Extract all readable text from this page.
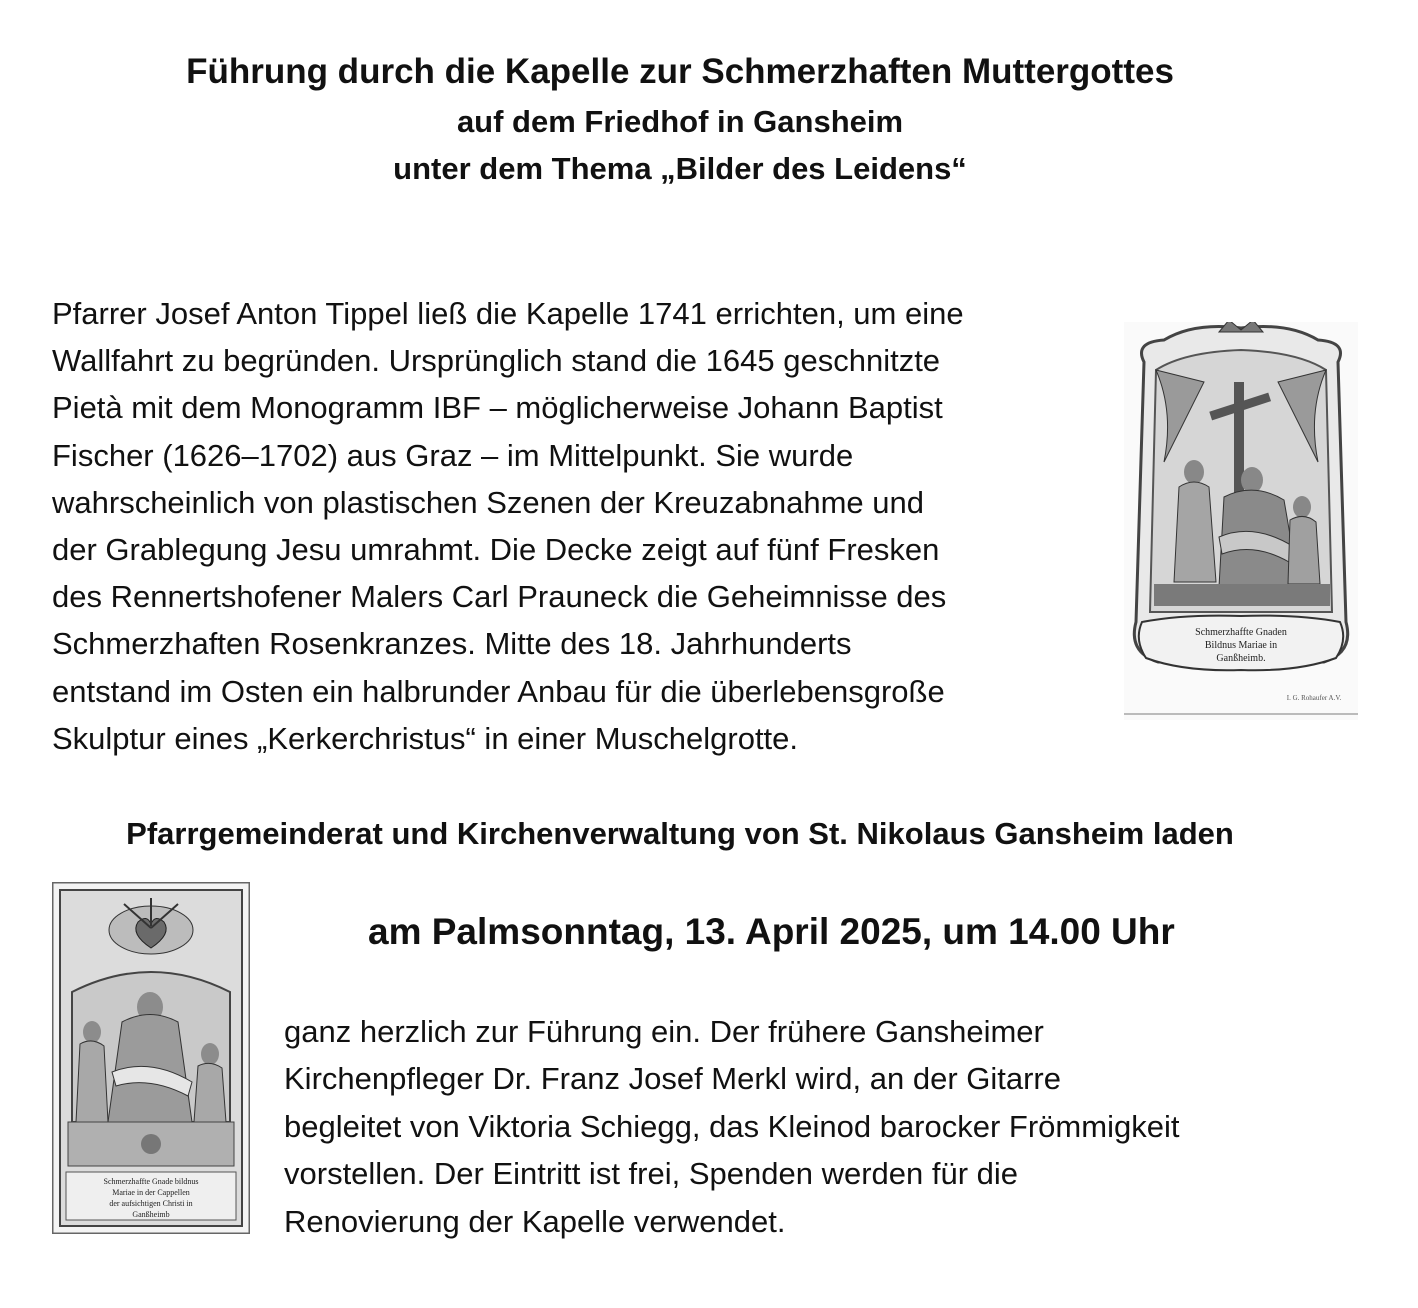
Führung durch die Kapelle zur Schmerzhaften Muttergottes
auf dem Friedhof in Gansheim
unter dem Thema „Bilder des Leidens“
Pfarrer Josef Anton Tippel ließ die Kapelle 1741 errichten, um eine
Wallfahrt zu begründen. Ursprünglich stand die 1645 geschnitzte
Pietà mit dem Monogramm IBF – möglicherweise Johann Baptist
Fischer (1626–1702) aus Graz – im Mittelpunkt. Sie wurde
wahrscheinlich von plastischen Szenen der Kreuzabnahme und
der Grablegung Jesu umrahmt. Die Decke zeigt auf fünf Fresken
des Rennertshofener Malers Carl Prauneck die Geheimnisse des
Schmerzhaften Rosenkranzes. Mitte des 18. Jahrhunderts
entstand im Osten ein halbrunder Anbau für die überlebensgroße
Skulptur eines „Kerkerchristus“ in einer Muschelgrotte.
Schmerzhaffte Gnaden
Bildnus Mariae in
Ganßheimb.
I. G. Rohaufer A.V.
Pfarrgemeinderat und Kirchenverwaltung von St. Nikolaus Gansheim laden
Schmerzhaffte Gnade bildnus
Mariae in der Cappellen
der aufsichtigen Christi in
Ganßheimb
am Palmsonntag, 13. April 2025, um 14.00 Uhr
ganz herzlich zur Führung ein. Der frühere Gansheimer
Kirchenpfleger Dr. Franz Josef Merkl wird, an der Gitarre
begleitet von Viktoria Schiegg, das Kleinod barocker Frömmigkeit
vorstellen. Der Eintritt ist frei, Spenden werden für die
Renovierung der Kapelle verwendet.
